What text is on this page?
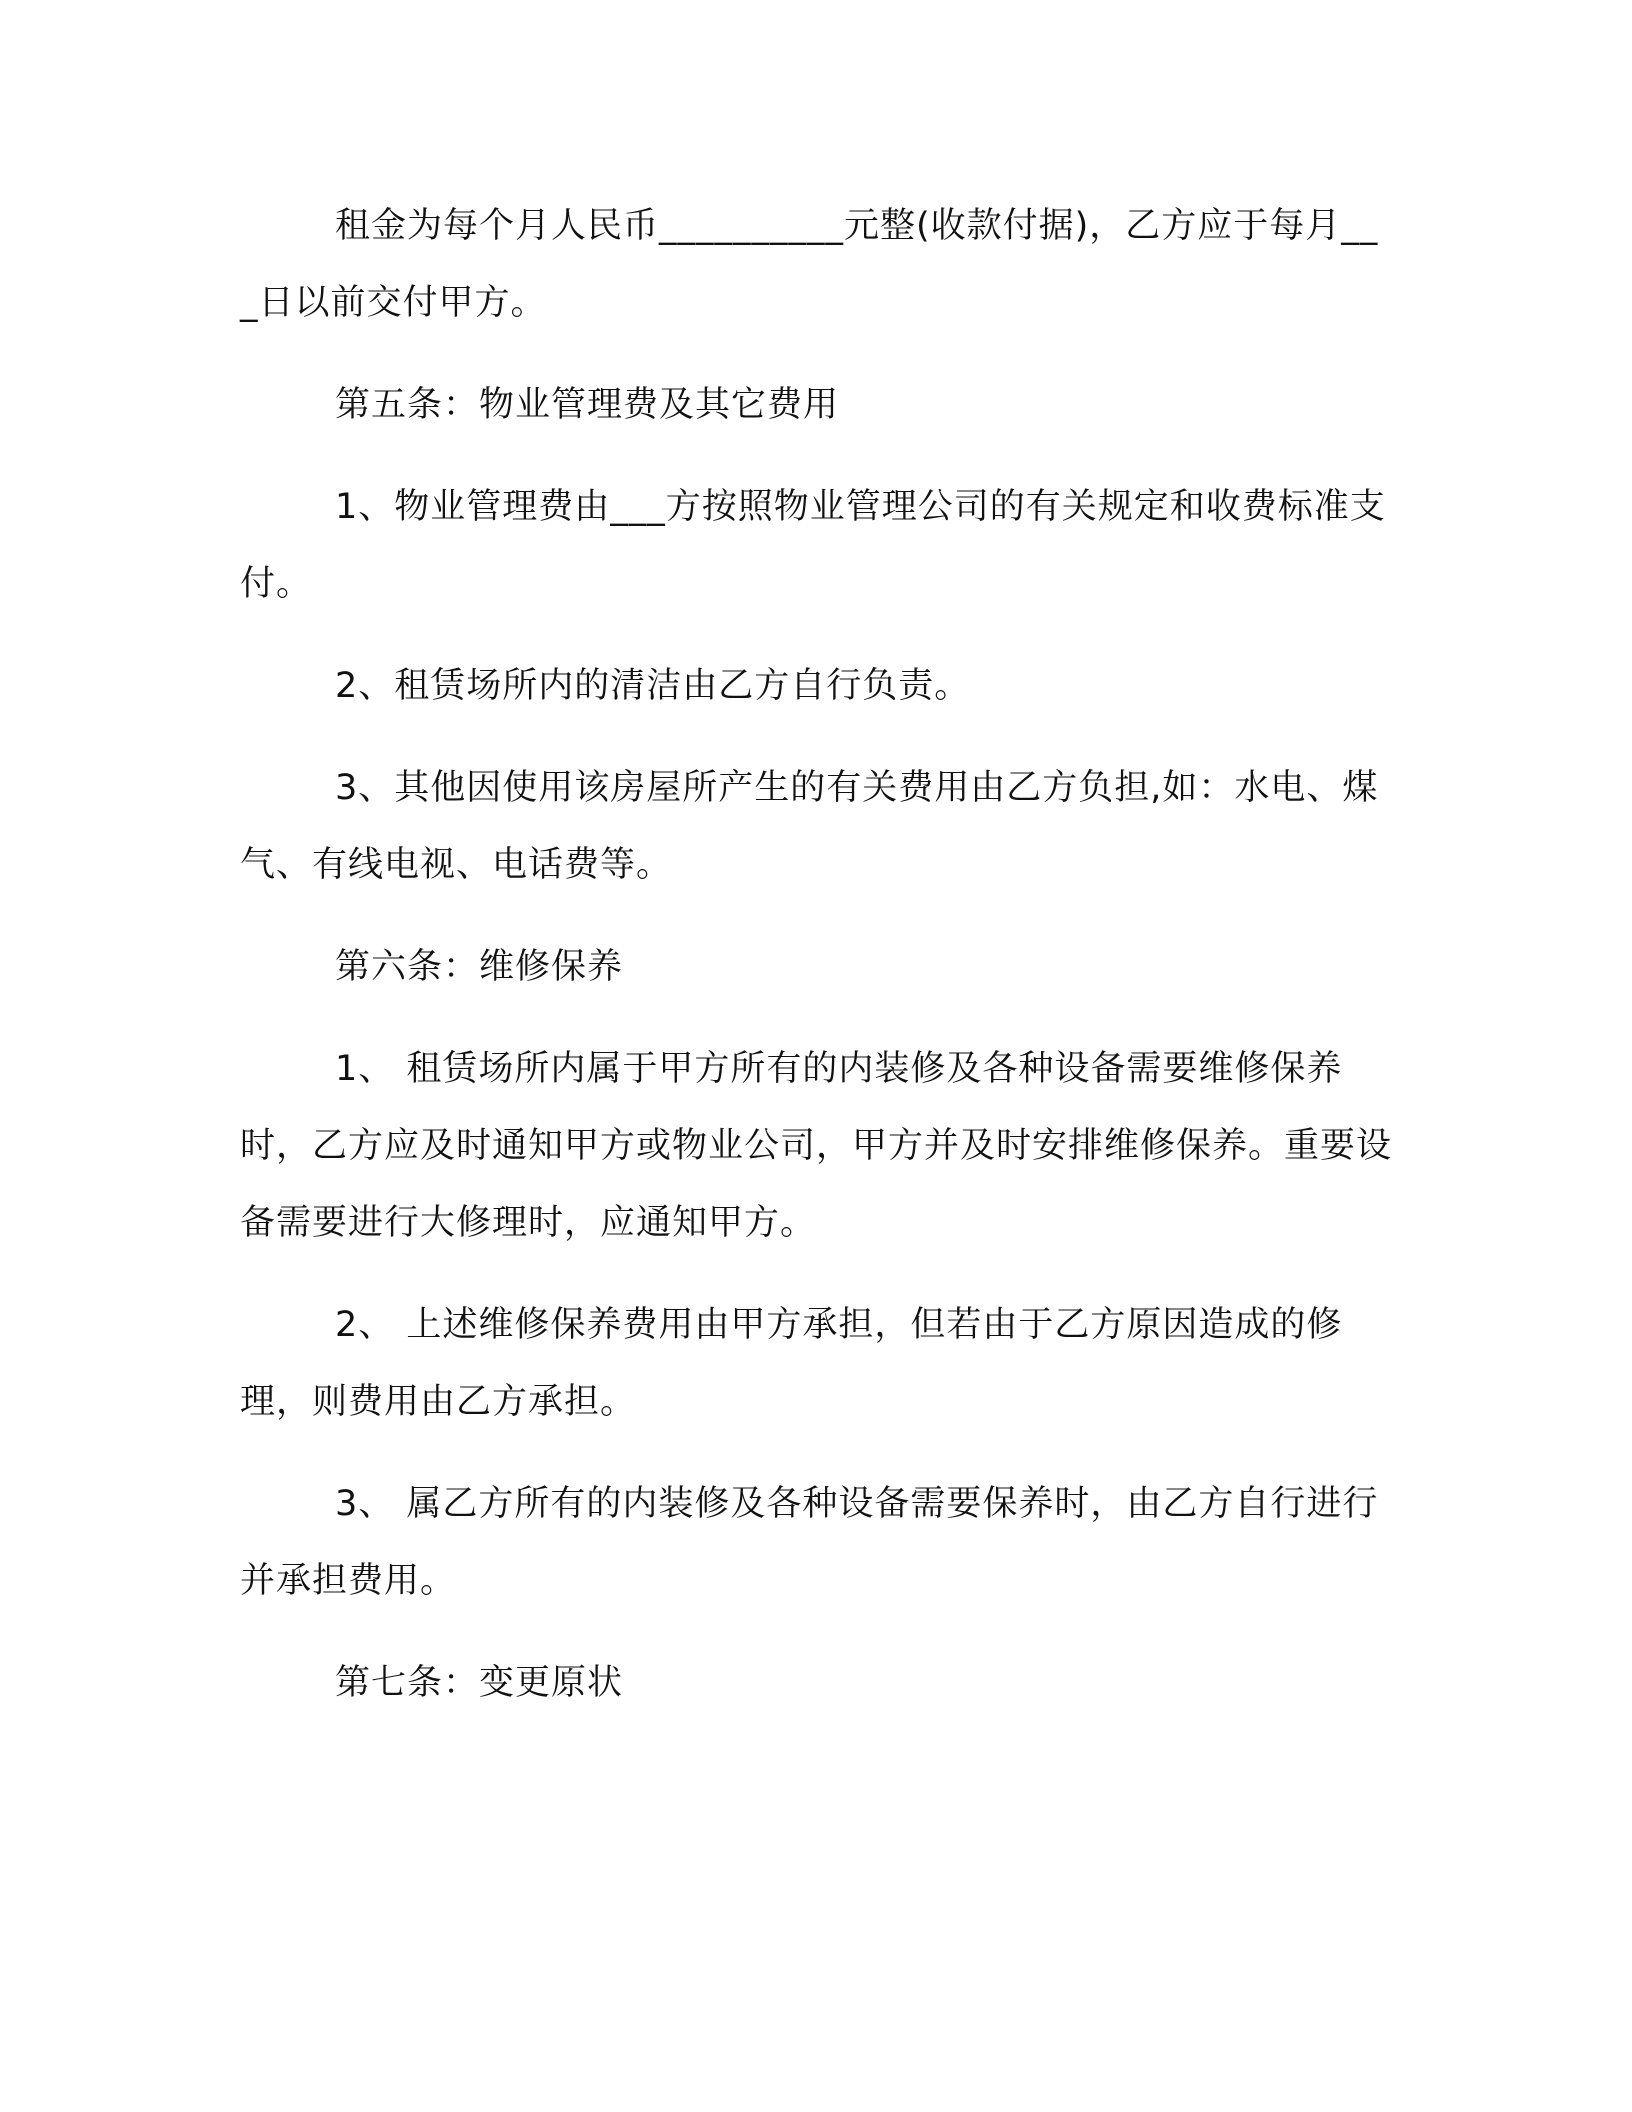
租金为每个月人民币__________元整(收款付据)，乙方应于每月___日以前交付甲方。

第五条：物业管理费及其它费用

1、物业管理费由___方按照物业管理公司的有关规定和收费标准支付。

2、租赁场所内的清洁由乙方自行负责。

3、其他因使用该房屋所产生的有关费用由乙方负担,如：水电、煤气、有线电视、电话费等。

第六条：维修保养

1、 租赁场所内属于甲方所有的内装修及各种设备需要维修保养时，乙方应及时通知甲方或物业公司，甲方并及时安排维修保养。重要设备需要进行大修理时，应通知甲方。

2、 上述维修保养费用由甲方承担，但若由于乙方原因造成的修理，则费用由乙方承担。

3、 属乙方所有的内装修及各种设备需要保养时，由乙方自行进行并承担费用。

第七条：变更原状
